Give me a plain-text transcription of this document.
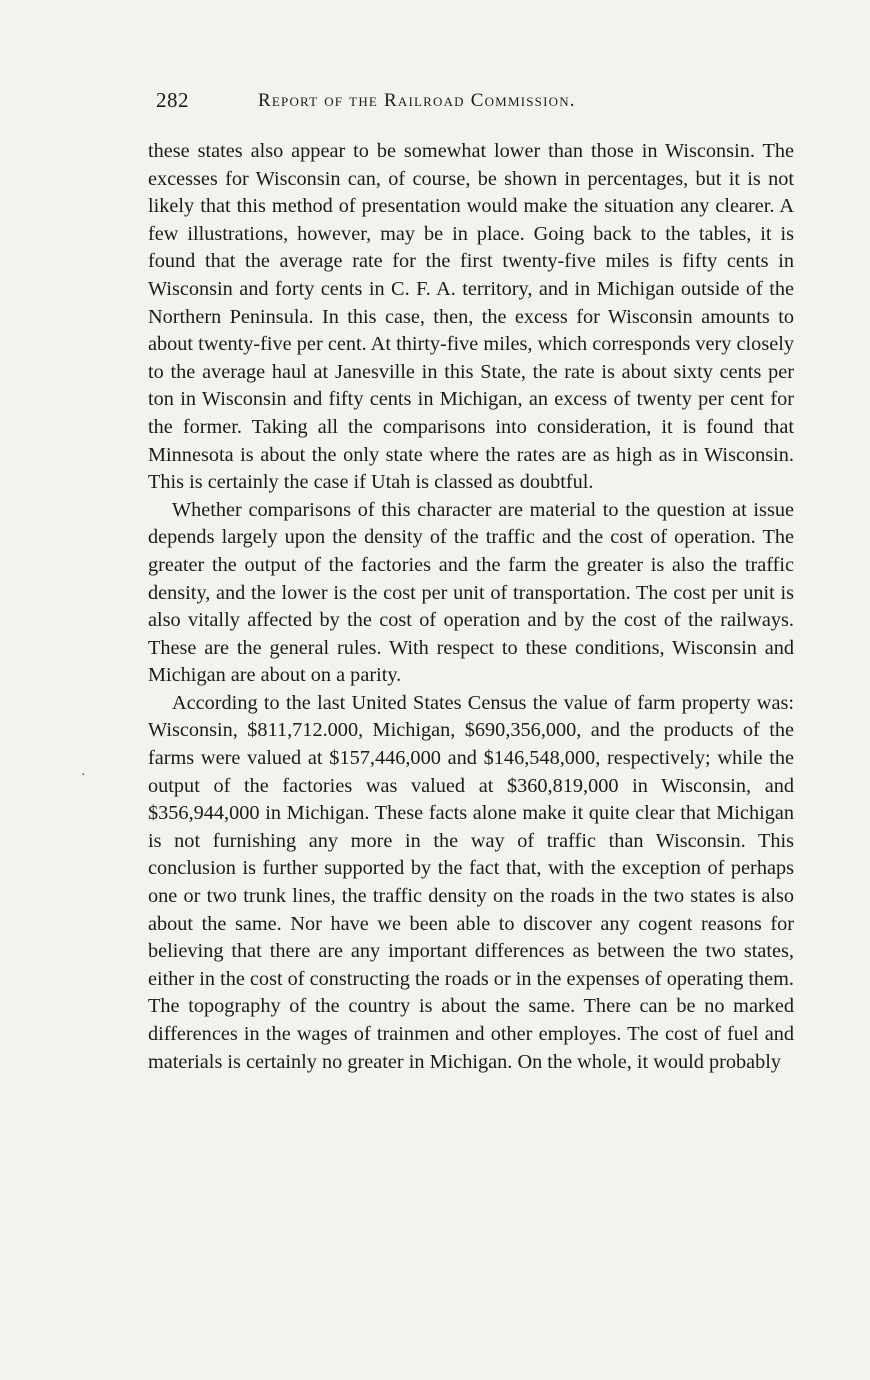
282	Report of the Railroad Commission.

these states also appear to be somewhat lower than those in Wisconsin. The excesses for Wisconsin can, of course, be shown in percentages, but it is not likely that this method of presentation would make the situation any clearer. A few illustrations, however, may be in place. Going back to the tables, it is found that the average rate for the first twenty-five miles is fifty cents in Wisconsin and forty cents in C. F. A. territory, and in Michigan outside of the Northern Peninsula. In this case, then, the excess for Wisconsin amounts to about twenty-five per cent. At thirty-five miles, which corresponds very closely to the average haul at Janesville in this State, the rate is about sixty cents per ton in Wisconsin and fifty cents in Michigan, an excess of twenty per cent for the former. Taking all the comparisons into consideration, it is found that Minnesota is about the only state where the rates are as high as in Wisconsin. This is certainly the case if Utah is classed as doubtful.

Whether comparisons of this character are material to the question at issue depends largely upon the density of the traffic and the cost of operation. The greater the output of the factories and the farm the greater is also the traffic density, and the lower is the cost per unit of transportation. The cost per unit is also vitally affected by the cost of operation and by the cost of the railways. These are the general rules. With respect to these conditions, Wisconsin and Michigan are about on a parity.

According to the last United States Census the value of farm property was: Wisconsin, $811,712.000, Michigan, $690,356,000, and the products of the farms were valued at $157,446,000 and $146,548,000, respectively; while the output of the factories was valued at $360,819,000 in Wisconsin, and $356,944,000 in Michigan. These facts alone make it quite clear that Michigan is not furnishing any more in the way of traffic than Wisconsin. This conclusion is further supported by the fact that, with the exception of perhaps one or two trunk lines, the traffic density on the roads in the two states is also about the same. Nor have we been able to discover any cogent reasons for believing that there are any important differences as between the two states, either in the cost of constructing the roads or in the expenses of operating them. The topography of the country is about the same. There can be no marked differences in the wages of trainmen and other employes. The cost of fuel and materials is certainly no greater in Michigan. On the whole, it would probably

·
